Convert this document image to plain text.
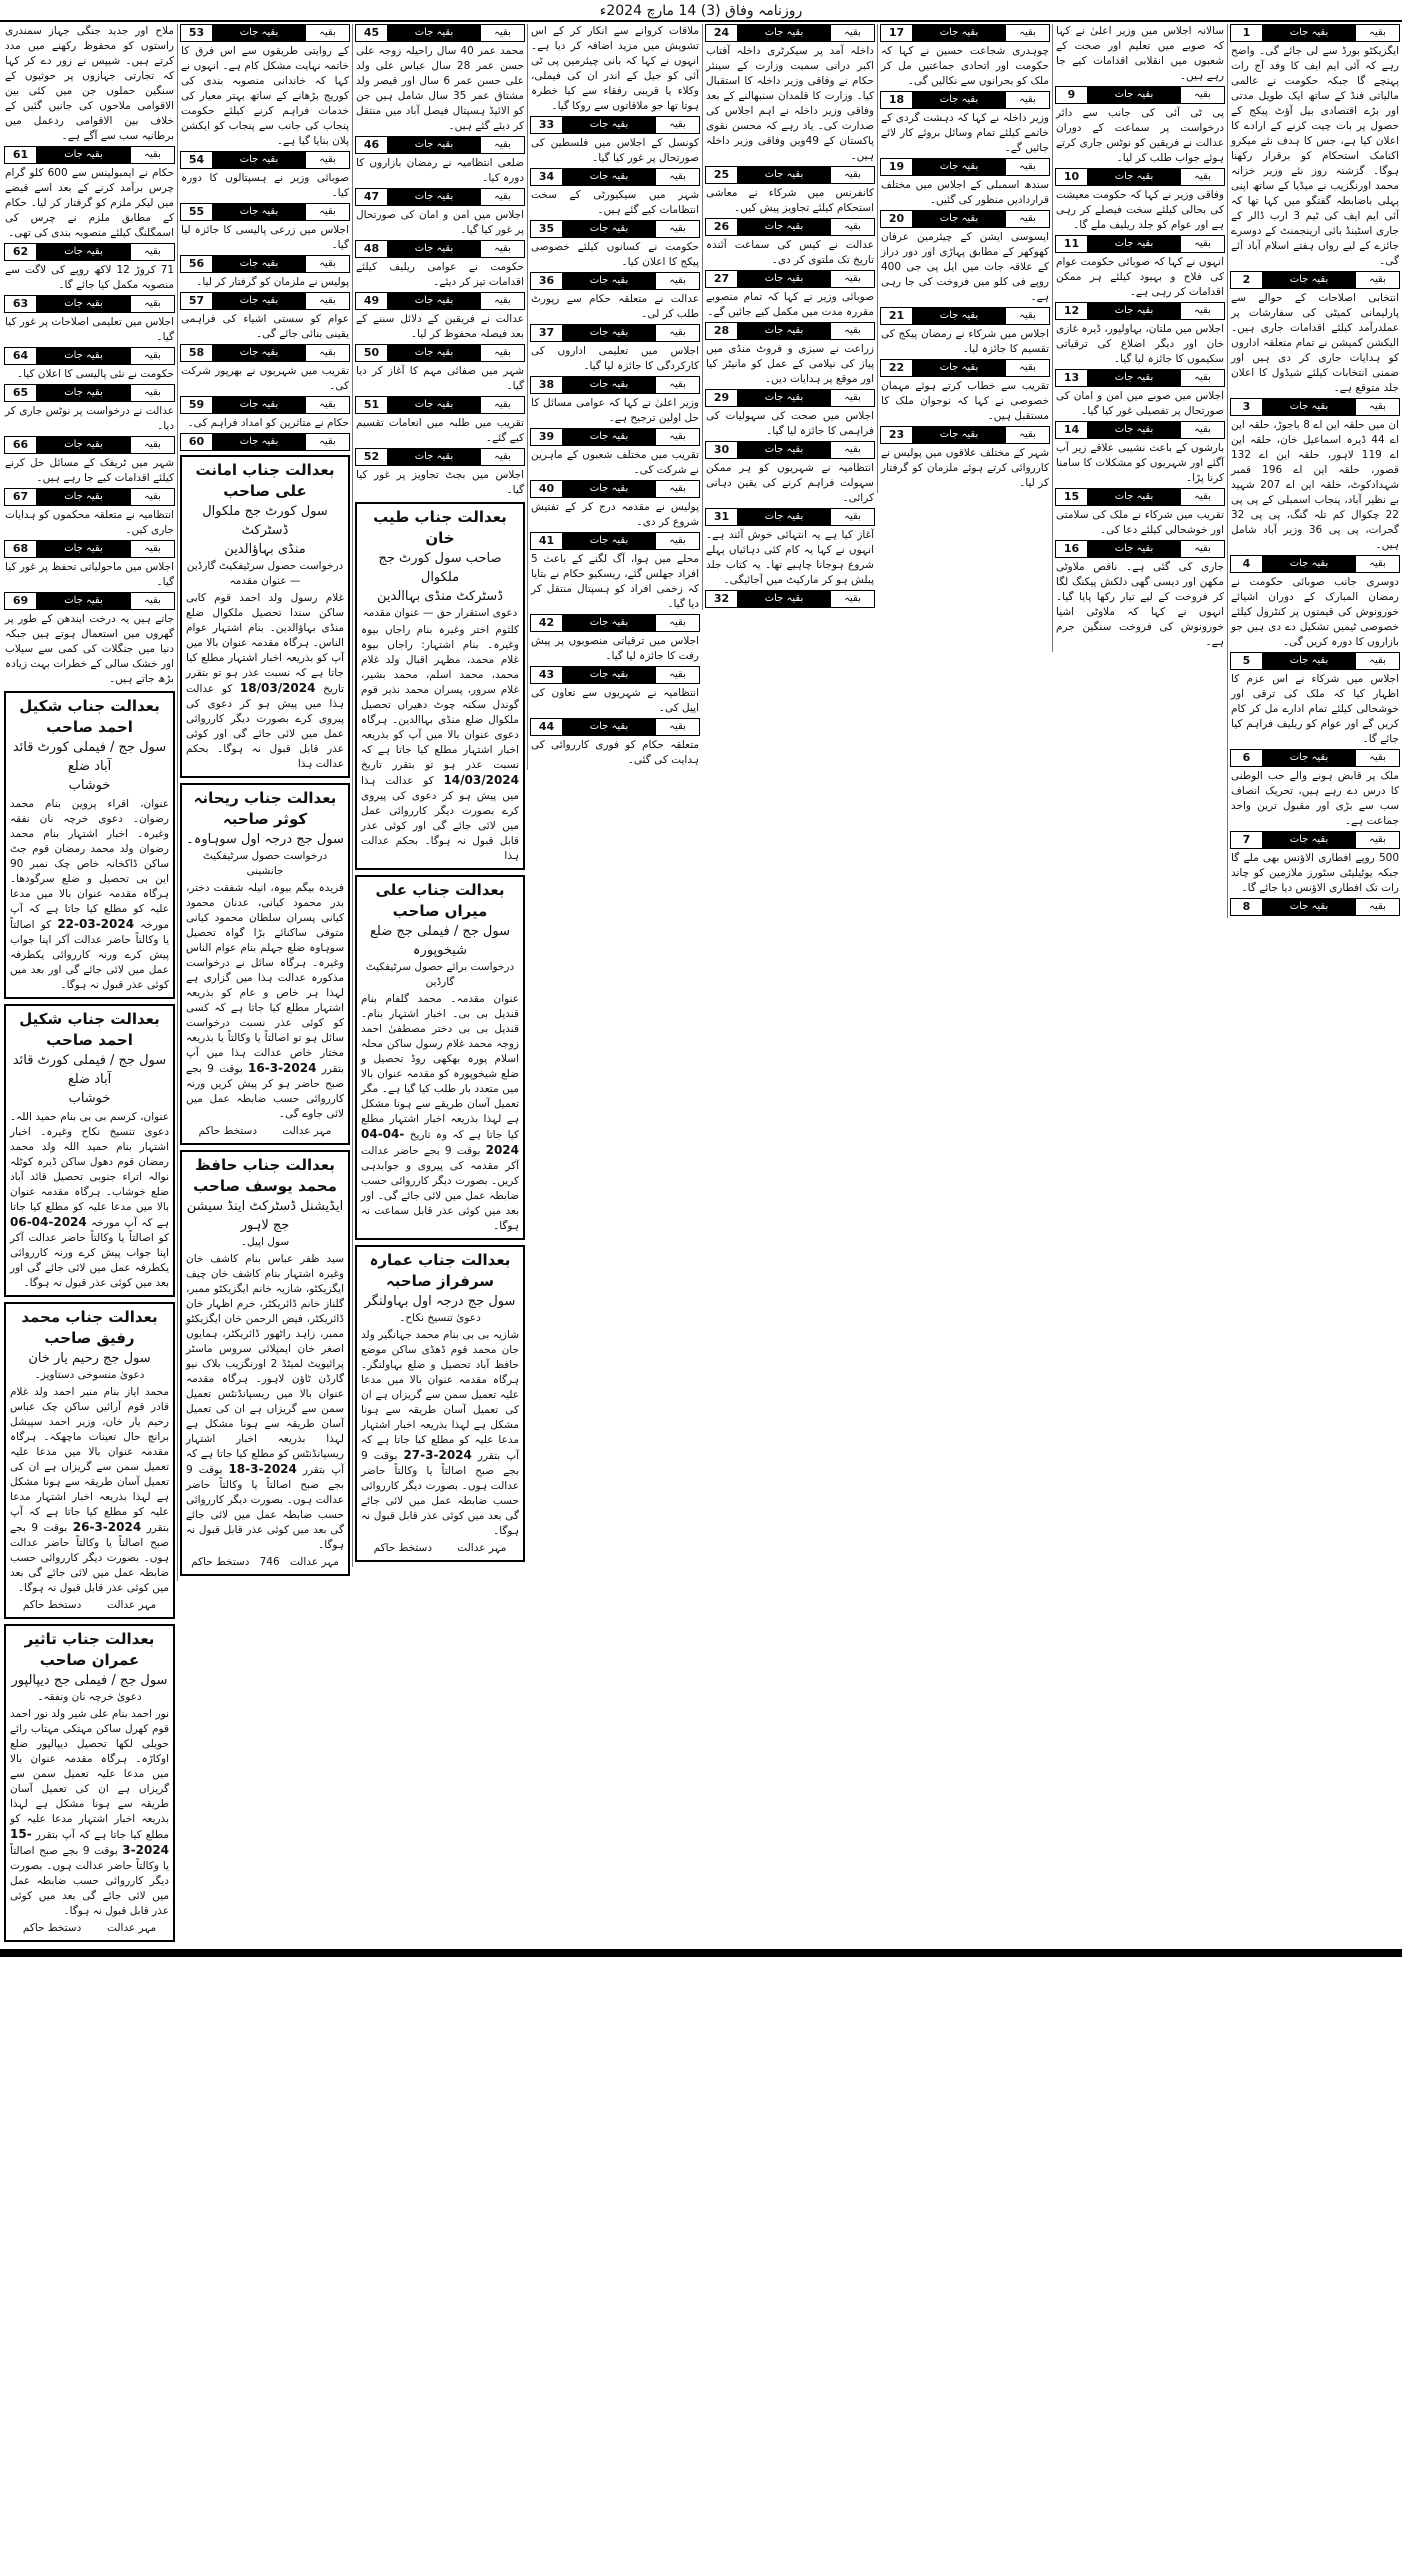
روزنامہ وفاق (3) 14 مارچ 2024ء
بقیہ
بقیہ جات
1
ایگزیکٹو بورڈ سے لی جائے گی۔ واضح رہے کہ آئی ایم ایف کا وفد آج رات پہنچے گا جبکہ حکومت نے عالمی مالیاتی فنڈ کے ساتھ ایک طویل مدتی اور بڑے اقتصادی بیل آؤٹ پیکج کے حصول پر بات چیت کرنے کے ارادے کا اعلان کیا ہے، جس کا ہدف نئے میکرو اکنامک استحکام کو برقرار رکھنا ہوگا۔ گزشتہ روز نئے وزیر خزانہ محمد اورنگزیب نے میڈیا کے ساتھ اپنی پہلی باضابطہ گفتگو میں کہا تھا کہ آئی ایم ایف کی ٹیم 3 ارب ڈالر کے جاری اسٹینڈ بائی ارینجمنٹ کے دوسرے جائزے کے لیے رواں ہفتے اسلام آباد آئے گی۔
بقیہ
بقیہ جات
2
انتخابی اصلاحات کے حوالے سے پارلیمانی کمیٹی کی سفارشات پر عملدرآمد کیلئے اقدامات جاری ہیں۔ الیکشن کمیشن نے تمام متعلقہ اداروں کو ہدایات جاری کر دی ہیں اور ضمنی انتخابات کیلئے شیڈول کا اعلان جلد متوقع ہے۔
بقیہ
بقیہ جات
3
ان میں حلقہ این اے 8 باجوڑ، حلقہ این اے 44 ڈیرہ اسماعیل خان، حلقہ این اے 119 لاہور، حلقہ این اے 132 قصور، حلقہ این اے 196 قمبر شہدادکوٹ، حلقہ این اے 207 شہید بے نظیر آباد، پنجاب اسمبلی کے پی پی 22 چکوال کم تلہ گنگ، پی پی 32 گجرات، پی پی 36 وزیر آباد شامل ہیں۔
بقیہ
بقیہ جات
4
دوسری جانب صوبائی حکومت نے رمضان المبارک کے دوران اشیائے خورونوش کی قیمتوں پر کنٹرول کیلئے خصوصی ٹیمیں تشکیل دے دی ہیں جو بازاروں کا دورہ کریں گی۔
بقیہ
بقیہ جات
5
اجلاس میں شرکاء نے اس عزم کا اظہار کیا کہ ملک کی ترقی اور خوشحالی کیلئے تمام ادارے مل کر کام کریں گے اور عوام کو ریلیف فراہم کیا جائے گا۔
بقیہ
بقیہ جات
6
ملک پر قابض ہونے والے حب الوطنی کا درس دے رہے ہیں، تحریک انصاف سب سے بڑی اور مقبول ترین واحد جماعت ہے۔
بقیہ
بقیہ جات
7
500 روپے افطاری الاؤنس بھی ملے گا جبکہ یوٹیلیٹی سٹورز ملازمین کو چاند رات تک افطاری الاؤنس دیا جائے گا۔
بقیہ
بقیہ جات
8
سالانہ اجلاس میں وزیر اعلیٰ نے کہا کہ صوبے میں تعلیم اور صحت کے شعبوں میں انقلابی اقدامات کیے جا رہے ہیں۔
بقیہ
بقیہ جات
9
پی ٹی آئی کی جانب سے دائر درخواست پر سماعت کے دوران عدالت نے فریقین کو نوٹس جاری کرتے ہوئے جواب طلب کر لیا۔
بقیہ
بقیہ جات
10
وفاقی وزیر نے کہا کہ حکومت معیشت کی بحالی کیلئے سخت فیصلے کر رہی ہے اور عوام کو جلد ریلیف ملے گا۔
بقیہ
بقیہ جات
11
انہوں نے کہا کہ صوبائی حکومت عوام کی فلاح و بہبود کیلئے ہر ممکن اقدامات کر رہی ہے۔
بقیہ
بقیہ جات
12
اجلاس میں ملتان، بہاولپور، ڈیرہ غازی خان اور دیگر اضلاع کی ترقیاتی سکیموں کا جائزہ لیا گیا۔
بقیہ
بقیہ جات
13
اجلاس میں صوبے میں امن و امان کی صورتحال پر تفصیلی غور کیا گیا۔
بقیہ
بقیہ جات
14
بارشوں کے باعث نشیبی علاقے زیر آب آگئے اور شہریوں کو مشکلات کا سامنا کرنا پڑا۔
بقیہ
بقیہ جات
15
تقریب میں شرکاء نے ملک کی سلامتی اور خوشحالی کیلئے دعا کی۔
بقیہ
بقیہ جات
16
جاری کی گئی ہے۔ ناقص ملاوٹی مکھن اور دیسی گھی دلکش پیکنگ لگا کر فروخت کے لیے تیار رکھا پایا گیا۔ انہوں نے کہا کہ ملاوٹی اشیا خورونوش کی فروخت سنگین جرم ہے۔
بقیہ
بقیہ جات
17
چوہدری شجاعت حسین نے کہا کہ حکومت اور اتحادی جماعتیں مل کر ملک کو بحرانوں سے نکالیں گی۔
بقیہ
بقیہ جات
18
وزیر داخلہ نے کہا کہ دہشت گردی کے خاتمے کیلئے تمام وسائل بروئے کار لائے جائیں گے۔
بقیہ
بقیہ جات
19
سندھ اسمبلی کے اجلاس میں مختلف قراردادیں منظور کی گئیں۔
بقیہ
بقیہ جات
20
ایسوسی ایشن کے چیئرمین عرفان کھوکھر کے مطابق پہاڑی اور دور دراز کے علاقہ جات میں ایل پی جی 400 روپے فی کلو میں فروخت کی جا رہی ہے۔
بقیہ
بقیہ جات
21
اجلاس میں شرکاء نے رمضان پیکج کی تقسیم کا جائزہ لیا۔
بقیہ
بقیہ جات
22
تقریب سے خطاب کرتے ہوئے مہمان خصوصی نے کہا کہ نوجوان ملک کا مستقبل ہیں۔
بقیہ
بقیہ جات
23
شہر کے مختلف علاقوں میں پولیس نے کارروائی کرتے ہوئے ملزمان کو گرفتار کر لیا۔
بقیہ
بقیہ جات
24
داخلہ آمد پر سیکرٹری داخلہ آفتاب اکبر درانی سمیت وزارت کے سینئر حکام نے وفاقی وزیر داخلہ کا استقبال کیا۔ وزارت کا قلمدان سنبھالنے کے بعد وفاقی وزیر داخلہ نے اہم اجلاس کی صدارت کی۔ یاد رہے کہ محسن نقوی پاکستان کے 49ویں وفاقی وزیر داخلہ ہیں۔
بقیہ
بقیہ جات
25
کانفرنس میں شرکاء نے معاشی استحکام کیلئے تجاویز پیش کیں۔
بقیہ
بقیہ جات
26
عدالت نے کیس کی سماعت آئندہ تاریخ تک ملتوی کر دی۔
بقیہ
بقیہ جات
27
صوبائی وزیر نے کہا کہ تمام منصوبے مقررہ مدت میں مکمل کیے جائیں گے۔
بقیہ
بقیہ جات
28
زراعت نے سبزی و فروٹ منڈی میں پیاز کی نیلامی کے عمل کو مانیٹر کیا اور موقع پر ہدایات دیں۔
بقیہ
بقیہ جات
29
اجلاس میں صحت کی سہولیات کی فراہمی کا جائزہ لیا گیا۔
بقیہ
بقیہ جات
30
انتظامیہ نے شہریوں کو ہر ممکن سہولت فراہم کرنے کی یقین دہانی کرائی۔
بقیہ
بقیہ جات
31
آغاز کیا ہے یہ انتہائی خوش آئند ہے۔ انہوں نے کہا یہ کام کئی دہائیاں پہلے شروع ہوجانا چاہیے تھا۔ یہ کتاب جلد پبلش ہو کر مارکیٹ میں آجائیگی۔
بقیہ
بقیہ جات
32
ملاقات کروانے سے انکار کر کے اس تشویش میں مزید اضافہ کر دیا ہے۔ انہوں نے کہا کہ بانی چیئرمین پی ٹی آئی کو جیل کے اندر ان کی فیملی، وکلاء یا قریبی رفقاء سے کیا خطرہ ہوتا تھا جو ملاقاتوں سے روکا گیا۔
بقیہ
بقیہ جات
33
کونسل کے اجلاس میں فلسطین کی صورتحال پر غور کیا گیا۔
بقیہ
بقیہ جات
34
شہر میں سیکیورٹی کے سخت انتظامات کیے گئے ہیں۔
بقیہ
بقیہ جات
35
حکومت نے کسانوں کیلئے خصوصی پیکج کا اعلان کیا۔
بقیہ
بقیہ جات
36
عدالت نے متعلقہ حکام سے رپورٹ طلب کر لی۔
بقیہ
بقیہ جات
37
اجلاس میں تعلیمی اداروں کی کارکردگی کا جائزہ لیا گیا۔
بقیہ
بقیہ جات
38
وزیر اعلیٰ نے کہا کہ عوامی مسائل کا حل اولین ترجیح ہے۔
بقیہ
بقیہ جات
39
تقریب میں مختلف شعبوں کے ماہرین نے شرکت کی۔
بقیہ
بقیہ جات
40
پولیس نے مقدمہ درج کر کے تفتیش شروع کر دی۔
بقیہ
بقیہ جات
41
محلے میں ہوا، آگ لگنے کے باعث 5 افراد جھلس گئے، ریسکیو حکام نے بتایا کہ زخمی افراد کو ہسپتال منتقل کر دیا گیا۔
بقیہ
بقیہ جات
42
اجلاس میں ترقیاتی منصوبوں پر پیش رفت کا جائزہ لیا گیا۔
بقیہ
بقیہ جات
43
انتظامیہ نے شہریوں سے تعاون کی اپیل کی۔
بقیہ
بقیہ جات
44
متعلقہ حکام کو فوری کارروائی کی ہدایت کی گئی۔
بقیہ
بقیہ جات
45
محمد عمر 40 سال راحیلہ زوجہ علی حسن عمر 28 سال عباس علی ولد علی حسن عمر 6 سال اور قیصر ولد مشتاق عمر 35 سال شامل ہیں جن کو الائیڈ ہسپتال فیصل آباد میں منتقل کر دیئے گئے ہیں۔
بقیہ
بقیہ جات
46
ضلعی انتظامیہ نے رمضان بازاروں کا دورہ کیا۔
بقیہ
بقیہ جات
47
اجلاس میں امن و امان کی صورتحال پر غور کیا گیا۔
بقیہ
بقیہ جات
48
حکومت نے عوامی ریلیف کیلئے اقدامات تیز کر دیئے۔
بقیہ
بقیہ جات
49
عدالت نے فریقین کے دلائل سننے کے بعد فیصلہ محفوظ کر لیا۔
بقیہ
بقیہ جات
50
شہر میں صفائی مہم کا آغاز کر دیا گیا۔
بقیہ
بقیہ جات
51
تقریب میں طلبہ میں انعامات تقسیم کیے گئے۔
بقیہ
بقیہ جات
52
اجلاس میں بجٹ تجاویز پر غور کیا گیا۔
بعدالت جناب طیب خان
صاحب سول کورٹ جج ملکوال
ڈسٹرکٹ منڈی بہاالدین
دعوی استقرار حق — عنوان مقدمہ
کلثوم اختر وغیرہ بنام راجاں بیوہ وغیرہ۔ بنام اشتہار: راجاں بیوہ غلام محمد، مظہر اقبال ولد غلام محمد، محمد اسلم، محمد بشیر، غلام سرور، پسران محمد نذیر قوم گوندل سکنہ چوٹ دھیراں تحصیل ملکوال ضلع منڈی بہاالدین۔ ہرگاہ دعوی عنوان بالا میں آپ کو بذریعہ اخبار اشتہار مطلع کیا جاتا ہے کہ نسبت عذر ہو تو بتقرر تاریخ 14/03/2024 کو عدالت ہذا میں پیش ہو کر دعوی کی پیروی کرے بصورت دیگر کارروائی عمل میں لائی جائے گی اور کوئی عذر قابل قبول نہ ہوگا۔ بحکم عدالت ہذا
بعدالت جناب علی میراں صاحب
سول جج / فیملی جج ضلع شیخوپورہ
درخواست برائے حصول سرٹیفکیٹ گارڈین
عنوان مقدمہ۔ محمد گلفام بنام قندیل بی بی۔ اخبار اشتہار بنام۔ قندیل بی بی دختر مصطفیٰ احمد زوجہ محمد غلام رسول ساکن محلہ اسلام پورہ بھکھی روڈ تحصیل و ضلع شیخوپورہ کو مقدمہ عنوان بالا میں متعدد بار طلب کیا گیا ہے۔ مگر تعمیل آسان طریقے سے ہونا مشکل ہے لہذا بذریعہ اخبار اشتہار مطلع کیا جاتا ہے کہ وہ تاریخ 04-04-2024 بوقت 9 بجے حاضر عدالت آکر مقدمہ کی پیروی و جوابدہی کریں۔ بصورت دیگر کارروائی حسب ضابطہ عمل میں لائی جائے گی۔ اور بعد میں کوئی عذر قابل سماعت نہ ہوگا۔
بعدالت جناب عمارہ سرفراز صاحبہ
سول جج درجہ اول بہاولنگر
دعویٰ تنسیخ نکاح۔
شازیہ بی بی بنام محمد جہانگیر ولد جان محمد قوم ڈھڈی ساکن موضع حافظ آباد تحصیل و ضلع بہاولنگر۔ ہرگاہ مقدمہ عنوان بالا میں مدعا علیہ تعمیل سمن سے گریزاں ہے ان کی تعمیل آسان طریقہ سے ہونا مشکل ہے لہذا بذریعہ اخبار اشتہار مدعا علیہ کو مطلع کیا جاتا ہے کہ آپ بتقرر 27-3-2024 بوقت 9 بجے صبح اصالتاً یا وکالتاً حاضر عدالت ہوں۔ بصورت دیگر کارروائی حسب ضابطہ عمل میں لائی جائے گی بعد میں کوئی عذر قابل قبول نہ ہوگا۔
مہر عدالت
دستخط حاکم
بقیہ
بقیہ جات
53
کے روایتی طریقوں سے اس فرق کا خاتمہ نہایت مشکل کام ہے۔ انہوں نے کہا کہ خاندانی منصوبہ بندی کی کوریج بڑھانے کے ساتھ بہتر معیار کی خدمات فراہم کرنے کیلئے حکومت پنجاب کی جانب سے پنجاب کو ایکشن پلان بنایا گیا ہے۔
بقیہ
بقیہ جات
54
صوبائی وزیر نے ہسپتالوں کا دورہ کیا۔
بقیہ
بقیہ جات
55
اجلاس میں زرعی پالیسی کا جائزہ لیا گیا۔
بقیہ
بقیہ جات
56
پولیس نے ملزمان کو گرفتار کر لیا۔
بقیہ
بقیہ جات
57
عوام کو سستی اشیاء کی فراہمی یقینی بنائی جائے گی۔
بقیہ
بقیہ جات
58
تقریب میں شہریوں نے بھرپور شرکت کی۔
بقیہ
بقیہ جات
59
حکام نے متاثرین کو امداد فراہم کی۔
بقیہ
بقیہ جات
60
بعدالت جناب امانت علی صاحب
سول کورٹ جج ملکوال ڈسٹرکٹ
منڈی بہاؤالدین
درخواست حصول سرٹیفکیٹ گارڈین — عنوان مقدمہ
غلام رسول ولد احمد قوم کابی ساکن سندا تحصیل ملکوال ضلع منڈی بہاؤالدین۔ بنام اشتہار عوام الناس۔ ہرگاہ مقدمہ عنوان بالا میں آپ کو بذریعہ اخبار اشتہار مطلع کیا جاتا ہے کہ نسبت عذر ہو تو بتقرر تاریخ 18/03/2024 کو عدالت ہذا میں پیش ہو کر دعوی کی پیروی کرے بصورت دیگر کارروائی عمل میں لائی جائے گی اور کوئی عذر قابل قبول نہ ہوگا۔ بحکم عدالت ہذا
بعدالت جناب ریحانہ کوثر صاحبہ
سول جج درجہ اول سوہاوہ۔
درخواست حصول سرٹیفکیٹ جانشینی
فریدہ بیگم بیوہ، انیلہ شفقت دختر، بدر محمود کیانی، عدنان محمود کیانی پسران سلطان محمود کیانی متوفی ساکنائے بڑا گواہ تحصیل سوہاوہ ضلع جہلم بنام عوام الناس وغیرہ۔ ہرگاہ سائل نے درخواست مذکورہ عدالت ہذا میں گزاری ہے لہذا ہر خاص و عام کو بذریعہ اشتہار مطلع کیا جاتا ہے کہ کسی کو کوئی عذر نسبت درخواست سائل ہو تو اصالتاً یا وکالتاً یا بذریعہ مختار خاص عدالت ہذا میں آپ بتقرر 16-3-2024 بوقت 9 بجے صبح حاضر ہو کر پیش کریں ورنہ کارروائی حسب ضابطہ عمل میں لائی جاوے گی۔
مہر عدالت
دستخط حاکم
بعدالت جناب حافظ محمد یوسف صاحب
ایڈیشنل ڈسٹرکٹ اینڈ سیشن جج لاہور
سول اپیل۔
سید ظفر عباس بنام کاشف خان وغیرہ اشتہار بنام کاشف خان چیف ایگزیکٹو، شازیہ خانم ایگزیکٹو ممبر، گلناز خانم ڈائریکٹر، خرم اظہار خان ڈائریکٹر، فیض الرحمن خان ایگزیکٹو ممبر، زاہد راٹھور ڈائریکٹر، ہمایوں اصغر خان ایمپلائی سروس ماسٹر پرائیویٹ لمیٹڈ 2 اورنگزیب بلاک نیو گارڈن ٹاؤن لاہور۔ ہرگاہ مقدمہ عنوان بالا میں ریسپانڈنٹس تعمیل سمن سے گریزاں ہے ان کی تعمیل آسان طریقہ سے ہونا مشکل ہے لہذا بذریعہ اخبار اشتہار ریسپانڈنٹس کو مطلع کیا جاتا ہے کہ آپ بتقرر 18-3-2024 بوقت 9 بجے صبح اصالتاً یا وکالتاً حاضر عدالت ہوں۔ بصورت دیگر کارروائی حسب ضابطہ عمل میں لائی جائے گی بعد میں کوئی عذر قابل قبول نہ ہوگا۔
مہر عدالت
746
دستخط حاکم
ملاح اور جدید جنگی جہاز سمندری راستوں کو محفوظ رکھنے میں مدد کرتے ہیں۔ شیپس نے زور دے کر کہا کہ تجارتی جہازوں پر حوثیوں کے سنگین حملوں جن میں کئی بین الاقوامی ملاحوں کی جانیں گئیں کے خلاف بین الاقوامی ردعمل میں برطانیہ سب سے آگے ہے۔
بقیہ
بقیہ جات
61
حکام نے ایمبولینس سے 600 کلو گرام چرس برآمد کرنے کے بعد اسے قبضے میں لیکر ملزم کو گرفتار کر لیا۔ حکام کے مطابق ملزم نے چرس کی اسمگلنگ کیلئے منصوبہ بندی کی تھی۔
بقیہ
بقیہ جات
62
71 کروڑ 12 لاکھ روپے کی لاگت سے منصوبہ مکمل کیا جائے گا۔
بقیہ
بقیہ جات
63
اجلاس میں تعلیمی اصلاحات پر غور کیا گیا۔
بقیہ
بقیہ جات
64
حکومت نے نئی پالیسی کا اعلان کیا۔
بقیہ
بقیہ جات
65
عدالت نے درخواست پر نوٹس جاری کر دیا۔
بقیہ
بقیہ جات
66
شہر میں ٹریفک کے مسائل حل کرنے کیلئے اقدامات کیے جا رہے ہیں۔
بقیہ
بقیہ جات
67
انتظامیہ نے متعلقہ محکموں کو ہدایات جاری کیں۔
بقیہ
بقیہ جات
68
اجلاس میں ماحولیاتی تحفظ پر غور کیا گیا۔
بقیہ
بقیہ جات
69
جاتے ہیں یہ درخت ایندھن کے طور پر گھروں میں استعمال ہوتے ہیں جبکہ دنیا میں جنگلات کی کمی سے سیلاب اور خشک سالی کے خطرات بہت زیادہ بڑھ جاتے ہیں۔
بعدالت جناب شکیل احمد صاحب
سول جج / فیملی کورٹ قائد آباد ضلع
خوشاب
عنوان، اقراء پروین بنام محمد رضوان۔ دعوی خرچہ نان نفقہ وغیرہ۔ اخبار اشتہار بنام محمد رضوان ولد محمد رمضان قوم جٹ ساکن ڈاکخانہ خاص چک نمبر 90 این بی تحصیل و ضلع سرگودھا۔ ہرگاہ مقدمہ عنوان بالا میں مدعا علیہ کو مطلع کیا جاتا ہے کہ آپ مورخہ 22-03-2024 کو اصالتاً یا وکالتاً حاضر عدالت آکر اپنا جواب پیش کرے ورنہ کارروائی یکطرفہ عمل میں لائی جائے گی اور بعد میں کوئی عذر قبول نہ ہوگا۔
بعدالت جناب شکیل احمد صاحب
سول جج / فیملی کورٹ قائد آباد ضلع
خوشاب
عنوان، کرسم بی بی بنام حمید اللہ۔ دعوی تنسیخ نکاح وغیرہ۔ اخبار اشتہار بنام حمید اللہ ولد محمد رمضان قوم دھول ساکن ڈیرہ کوٹلہ نوالہ اتراء جنوبی تحصیل قائد آباد ضلع خوشاب۔ ہرگاہ مقدمہ عنوان بالا میں مدعا علیہ کو مطلع کیا جاتا ہے کہ آپ مورخہ 06-04-2024 کو اصالتاً یا وکالتاً حاضر عدالت آکر اپنا جواب پیش کرے ورنہ کارروائی یکطرفہ عمل میں لائی جائے گی اور بعد میں کوئی عذر قبول نہ ہوگا۔
بعدالت جناب محمد رفیق صاحب
سول جج رحیم یار خان
دعویٰ منسوخی دستاویز۔
محمد ایاز بنام منیر احمد ولد غلام قادر قوم آرائیں ساکن چک عباس رحیم یار خان، وزیر احمد سپیشل برانچ حال تعینات ماچھکہ۔ ہرگاہ مقدمہ عنوان بالا میں مدعا علیہ تعمیل سمن سے گریزاں ہے ان کی تعمیل آسان طریقہ سے ہونا مشکل ہے لہذا بذریعہ اخبار اشتہار مدعا علیہ کو مطلع کیا جاتا ہے کہ آپ بتقرر 26-3-2024 بوقت 9 بجے صبح اصالتاً یا وکالتاً حاضر عدالت ہوں۔ بصورت دیگر کارروائی حسب ضابطہ عمل میں لائی جائے گی بعد میں کوئی عذر قابل قبول نہ ہوگا۔
مہر عدالت
دستخط حاکم
بعدالت جناب تاثیر عمران صاحب
سول جج / فیملی جج دیپالپور
دعویٰ خرچہ نان ونفقہ۔
نور احمد بنام علی شیر ولد نور احمد قوم کھرل ساکن مہتکی مہتاب رائے حویلی لکھا تحصیل دیپالپور ضلع اوکاڑہ۔ ہرگاہ مقدمہ عنوان بالا میں مدعا علیہ تعمیل سمن سے گریزاں ہے ان کی تعمیل آسان طریقہ سے ہونا مشکل ہے لہذا بذریعہ اخبار اشتہار مدعا علیہ کو مطلع کیا جاتا ہے کہ آپ بتقرر 15-3-2024 بوقت 9 بجے صبح اصالتاً یا وکالتاً حاضر عدالت ہوں۔ بصورت دیگر کارروائی حسب ضابطہ عمل میں لائی جائے گی بعد میں کوئی عذر قابل قبول نہ ہوگا۔
مہر عدالت
دستخط حاکم
